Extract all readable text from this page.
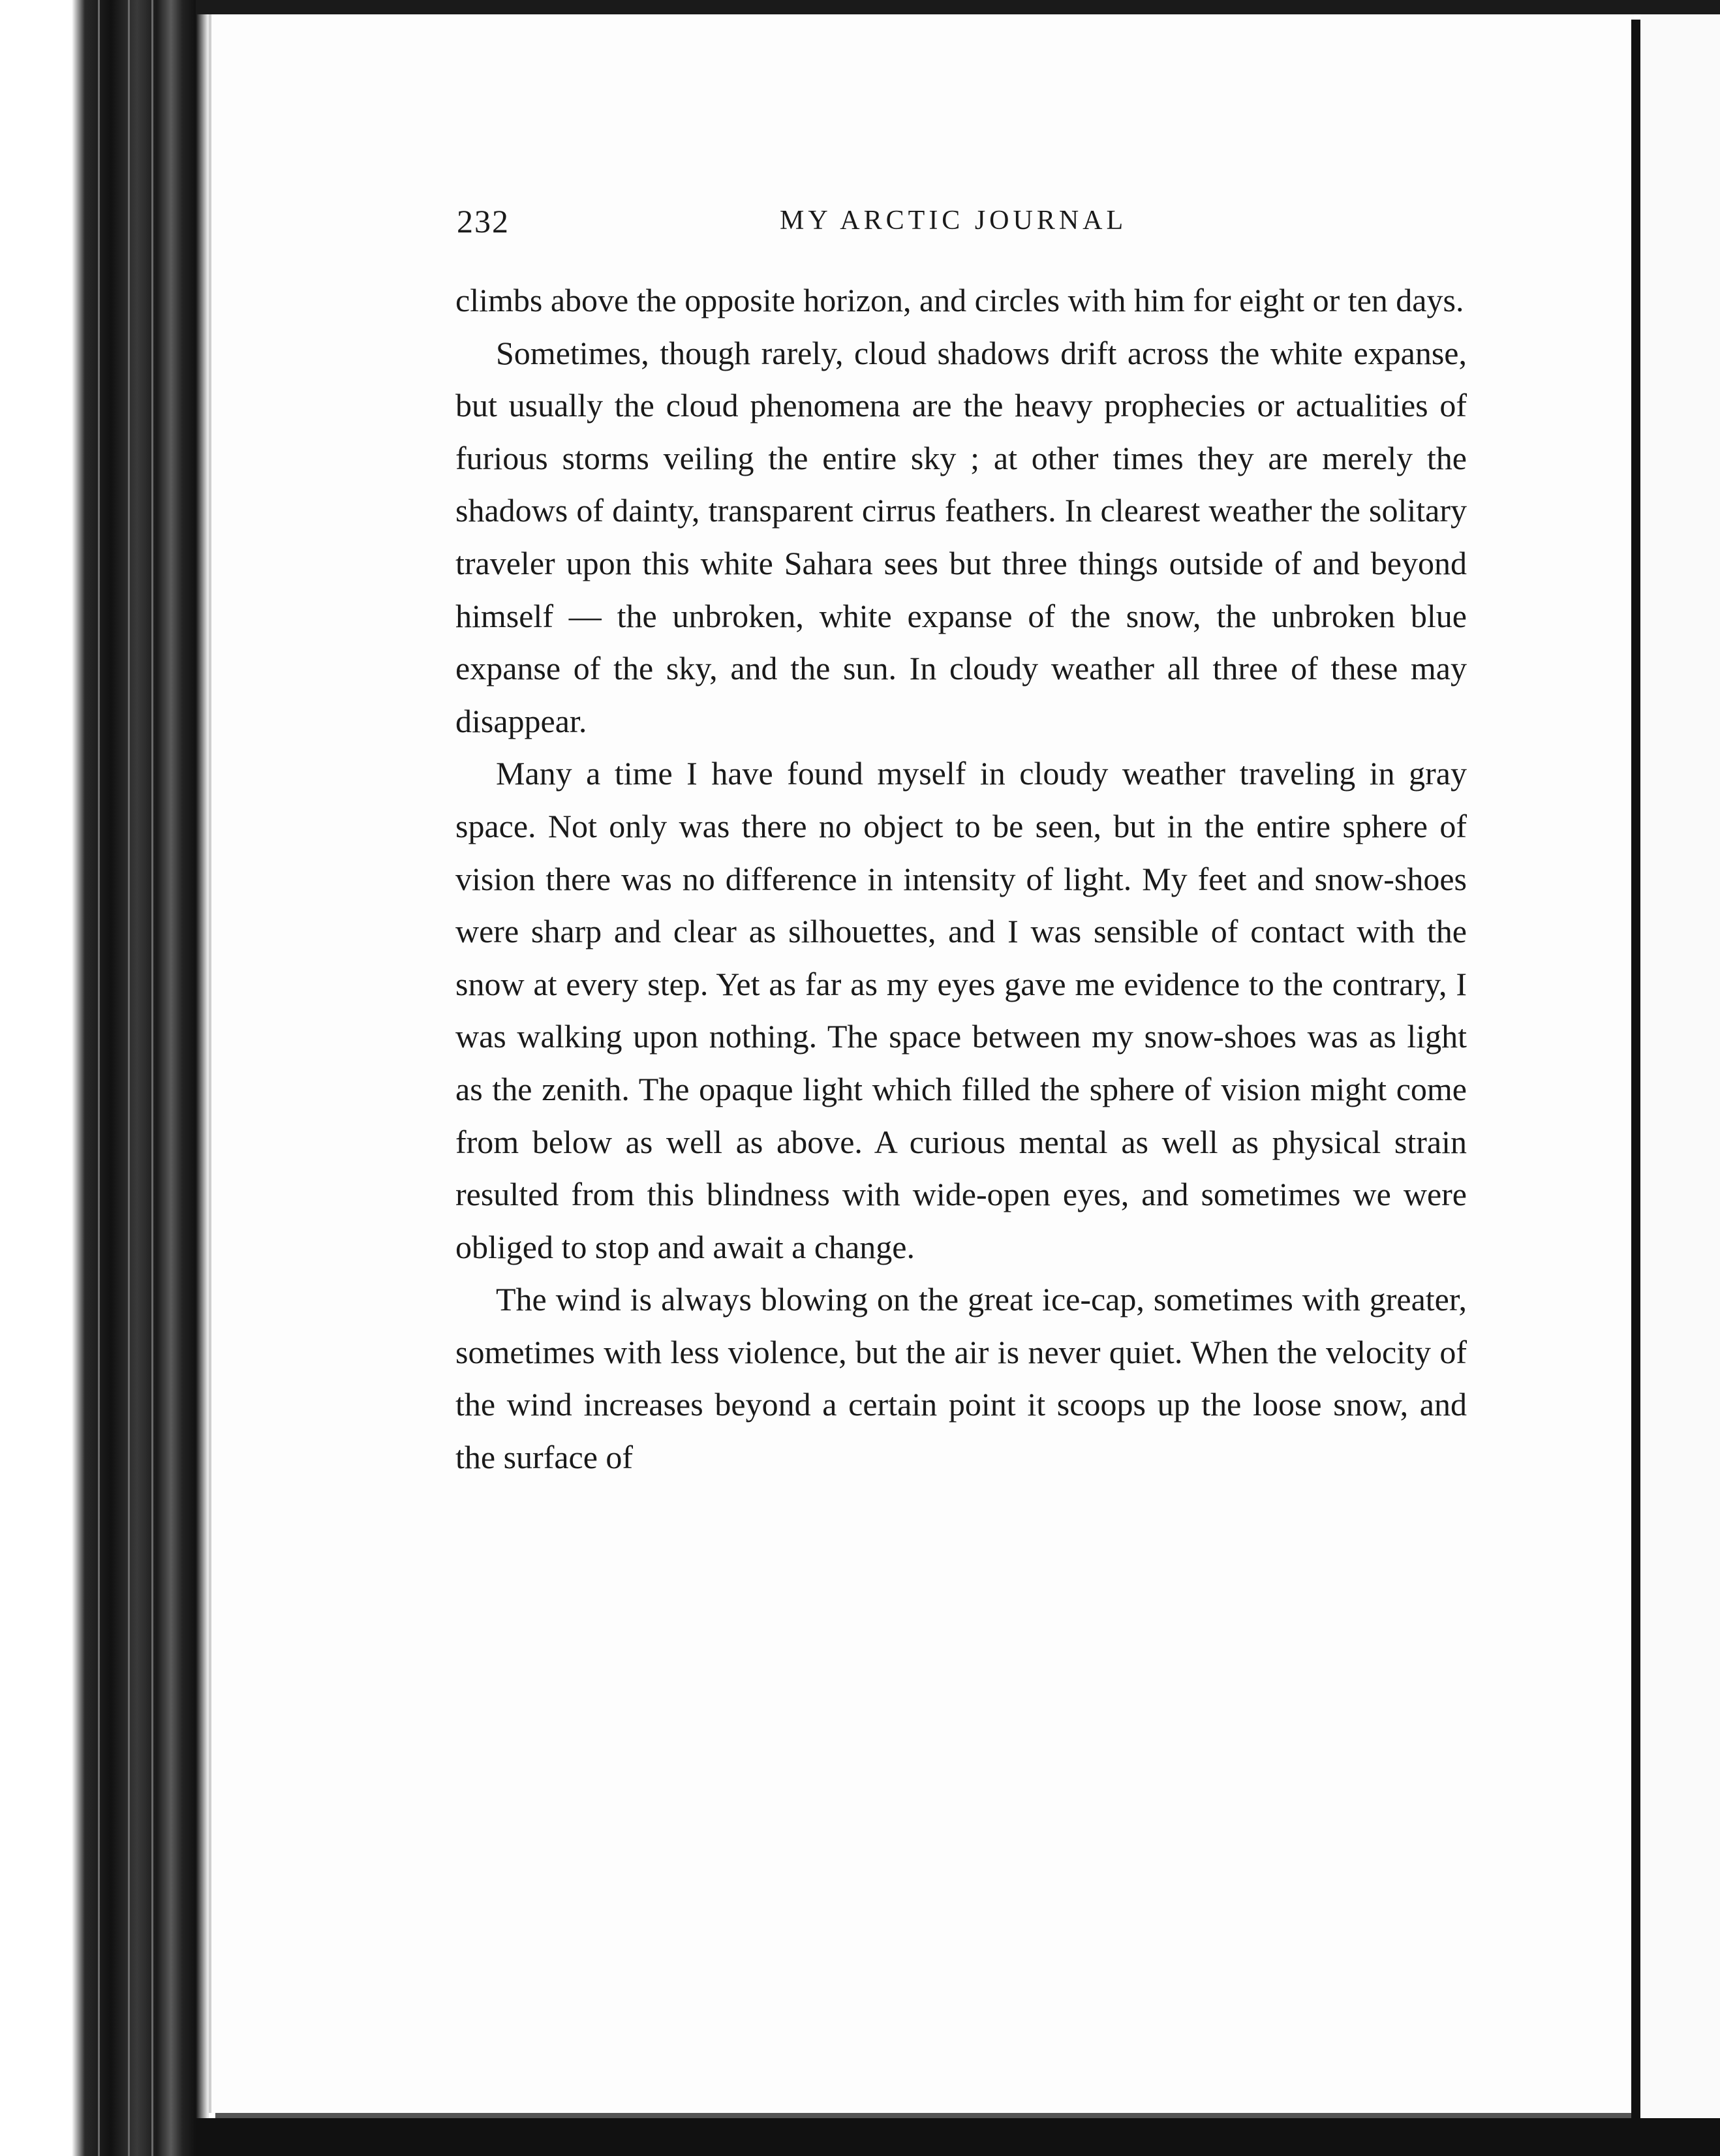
232	MY ARCTIC JOURNAL

climbs above the opposite horizon, and circles with him for eight or ten days.

Sometimes, though rarely, cloud shadows drift across the white expanse, but usually the cloud phenomena are the heavy prophecies or actualities of furious storms veiling the entire sky ; at other times they are merely the shadows of dainty, transparent cirrus feathers. In clearest weather the solitary traveler upon this white Sahara sees but three things outside of and beyond himself — the unbroken, white expanse of the snow, the unbroken blue expanse of the sky, and the sun. In cloudy weather all three of these may disappear.

Many a time I have found myself in cloudy weather traveling in gray space. Not only was there no object to be seen, but in the entire sphere of vision there was no difference in intensity of light. My feet and snow-shoes were sharp and clear as silhouettes, and I was sensible of contact with the snow at every step. Yet as far as my eyes gave me evidence to the contrary, I was walking upon nothing. The space between my snow-shoes was as light as the zenith. The opaque light which filled the sphere of vision might come from below as well as above. A curious mental as well as physical strain resulted from this blindness with wide-open eyes, and sometimes we were obliged to stop and await a change.

The wind is always blowing on the great ice-cap, sometimes with greater, sometimes with less violence, but the air is never quiet. When the velocity of the wind increases beyond a certain point it scoops up the loose snow, and the surface of
